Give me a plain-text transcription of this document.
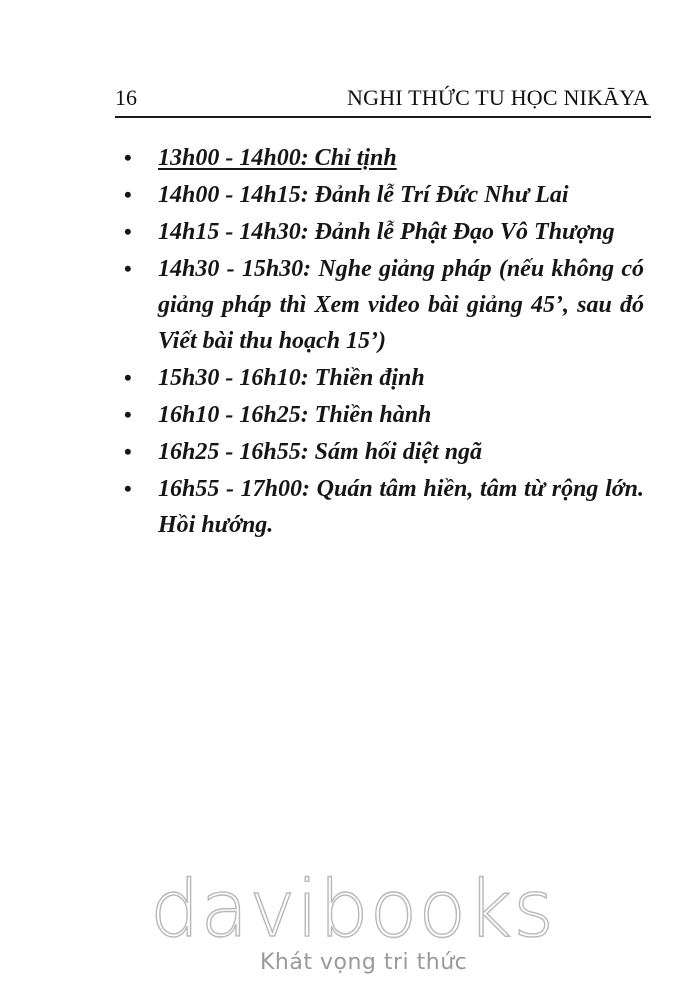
16	NGHI THỨC TU HỌC NIKĀYA
• 13h00 - 14h00: Chỉ tịnh
• 14h00 - 14h15: Đảnh lễ Trí Đức Như Lai
• 14h15 - 14h30: Đảnh lễ Phật Đạo Vô Thượng
• 14h30 - 15h30: Nghe giảng pháp (nếu không có giảng pháp thì Xem video bài giảng 45’, sau đó Viết bài thu hoạch 15’)
• 15h30 - 16h10: Thiền định
• 16h10 - 16h25: Thiền hành
• 16h25 - 16h55: Sám hối diệt ngã
• 16h55 - 17h00: Quán tâm hiền, tâm từ rộng lớn. Hồi hướng.
davibooks
Khát vọng tri thức
